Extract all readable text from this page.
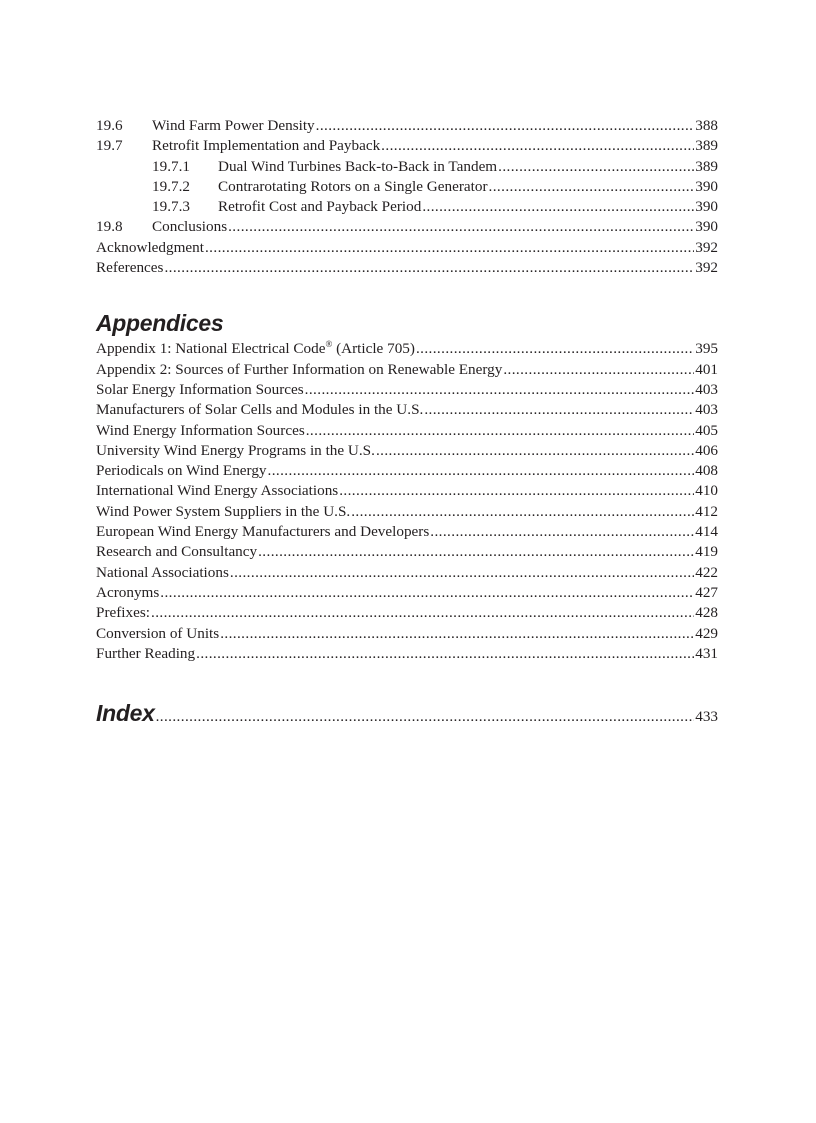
19.6	Wind Farm Power Density .....	388
19.7	Retrofit Implementation and Payback .....	389
19.7.1	Dual Wind Turbines Back-to-Back in Tandem .....	389
19.7.2	Contrarotating Rotors on a Single Generator .....	390
19.7.3	Retrofit Cost and Payback Period .....	390
19.8	Conclusions .....	390
Acknowledgment .....	392
References .....	392
Appendices
Appendix 1: National Electrical Code® (Article 705) .....	395
Appendix 2: Sources of Further Information on Renewable Energy .....	401
Solar Energy Information Sources .....	403
Manufacturers of Solar Cells and Modules in the U.S. .....	403
Wind Energy Information Sources .....	405
University Wind Energy Programs in the U.S. .....	406
Periodicals on Wind Energy .....	408
International Wind Energy Associations .....	410
Wind Power System Suppliers in the U.S. .....	412
European Wind Energy Manufacturers and Developers .....	414
Research and Consultancy .....	419
National Associations .....	422
Acronyms .....	427
Prefixes: .....	428
Conversion of Units .....	429
Further Reading .....	431
Index .....	433
